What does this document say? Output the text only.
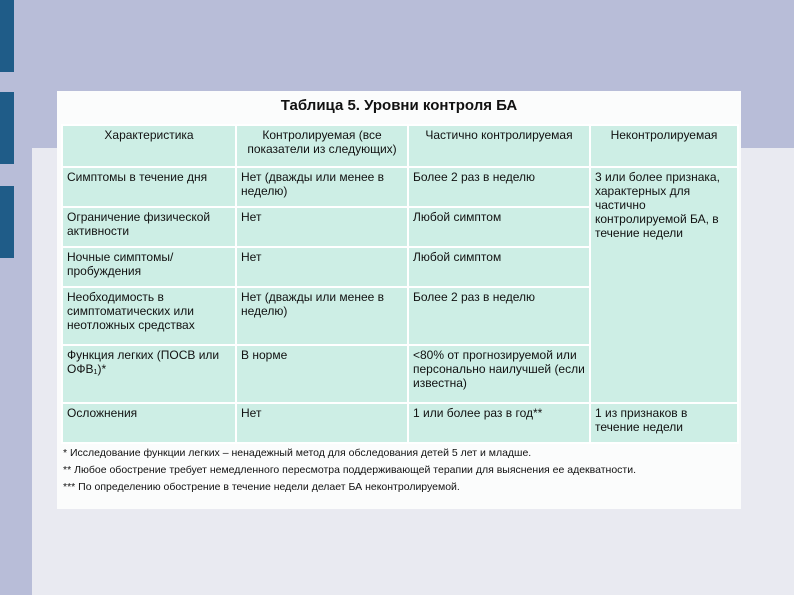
Таблица 5. Уровни контроля БА
Характеристика	Контролируемая (все показатели из следующих)	Частично контролируемая	Неконтролируемая
Симптомы в течение дня	Нет (дважды или менее в неделю)	Более 2 раз в неделю	3 или более признака, характерных для частично контролируемой БА, в течение недели
Ограничение физической активности	Нет	Любой симптом	
Ночные симптомы/ пробуждения	Нет	Любой симптом	
Необходимость в симптоматических или неотложных средствах	Нет (дважды или менее в неделю)	Более 2 раз в неделю	
Функция легких (ПОСВ или ОФВ₁)*	В норме	<80% от прогнозируемой или персонально наилучшей (если известна)	
Осложнения	Нет	1 или более раз в год**	1 из признаков в течение недели
* Исследование функции легких – ненадежный метод для обследования детей 5 лет и младше.
** Любое обострение требует немедленного пересмотра поддерживающей терапии для выяснения ее адекватности.
*** По определению обострение в течение недели делает БА неконтролируемой.
